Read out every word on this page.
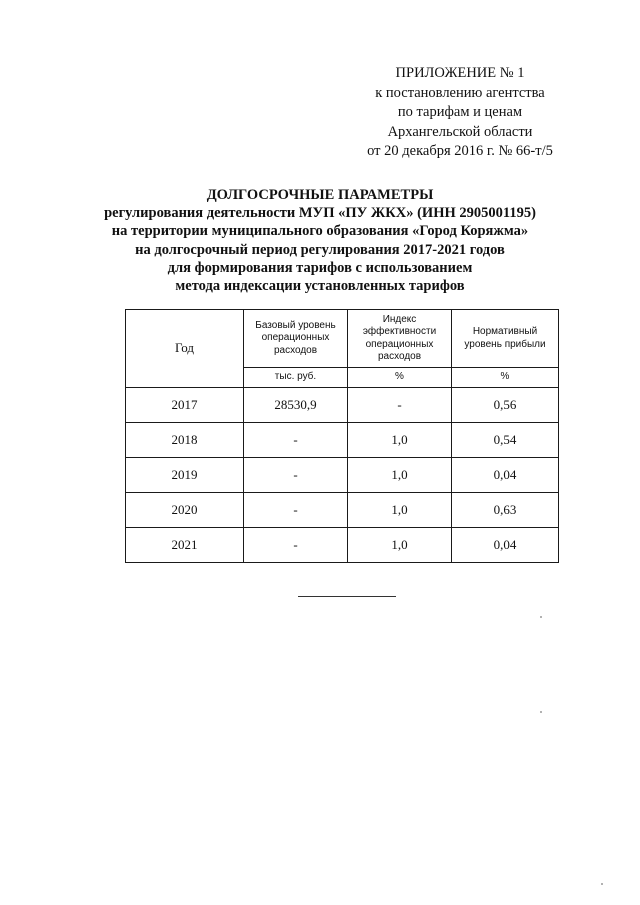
ПРИЛОЖЕНИЕ № 1
к постановлению агентства
по тарифам и ценам
Архангельской области
от 20 декабря 2016 г. № 66-т/5
ДОЛГОСРОЧНЫЕ ПАРАМЕТРЫ
регулирования деятельности МУП «ПУ ЖКХ» (ИНН 2905001195)
на территории муниципального образования «Город Коряжма»
на долгосрочный период регулирования 2017-2021 годов
для формирования тарифов с использованием
метода индексации установленных тарифов
Год	Базовый уровень операционных расходов	Индекс эффективности операционных расходов	Нормативный уровень прибыли
	тыс. руб.	%	%
2017	28530,9	-	0,56
2018	-	1,0	0,54
2019	-	1,0	0,04
2020	-	1,0	0,63
2021	-	1,0	0,04
